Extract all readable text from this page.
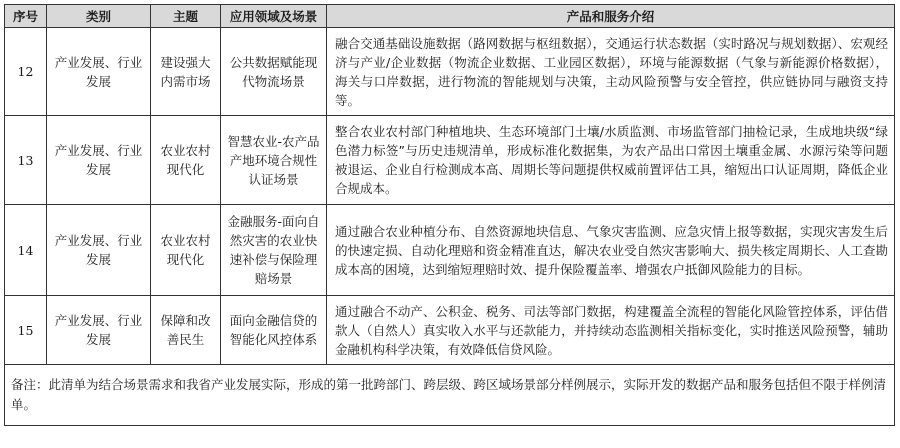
序号	类别	主题	应用领域及场景	产品和服务介绍
12	产业发展、行业发展	建设强大内需市场	公共数据赋能现代物流场景	融合交通基础设施数据（路网数据与枢纽数据），交通运行状态数据（实时路况与规划数据）、宏观经济与产业/企业数据（物流企业数据、工业园区数据），环境与能源数据（气象与新能源价格数据），海关与口岸数据，进行物流的智能规划与决策，主动风险预警与安全管控，供应链协同与融资支持等。
13	产业发展、行业发展	农业农村现代化	智慧农业-农产品产地环境合规性认证场景	整合农业农村部门种植地块、生态环境部门土壤/水质监测、市场监管部门抽检记录，生成地块级“绿色潜力标签”与历史违规清单，形成标准化数据集，为农产品出口常因土壤重金属、水源污染等问题被退运、企业自行检测成本高、周期长等问题提供权威前置评估工具，缩短出口认证周期，降低企业合规成本。
14	产业发展、行业发展	农业农村现代化	金融服务-面向自然灾害的农业快速补偿与保险理赔场景	通过融合农业种植分布、自然资源地块信息、气象灾害监测、应急灾情上报等数据，实现灾害发生后的快速定损、自动化理赔和资金精准直达，解决农业受自然灾害影响大、损失核定周期长、人工查勘成本高的困境，达到缩短理赔时效、提升保险覆盖率、增强农户抵御风险能力的目标。
15	产业发展、行业发展	保障和改善民生	面向金融信贷的智能化风控体系	通过融合不动产、公积金、税务、司法等部门数据，构建覆盖全流程的智能化风险管控体系，评估借款人（自然人）真实收入水平与还款能力，并持续动态监测相关指标变化，实时推送风险预警，辅助金融机构科学决策，有效降低信贷风险。
备注：此清单为结合场景需求和我省产业发展实际，形成的第一批跨部门、跨层级、跨区域场景部分样例展示，实际开发的数据产品和服务包括但不限于样例清单。				
